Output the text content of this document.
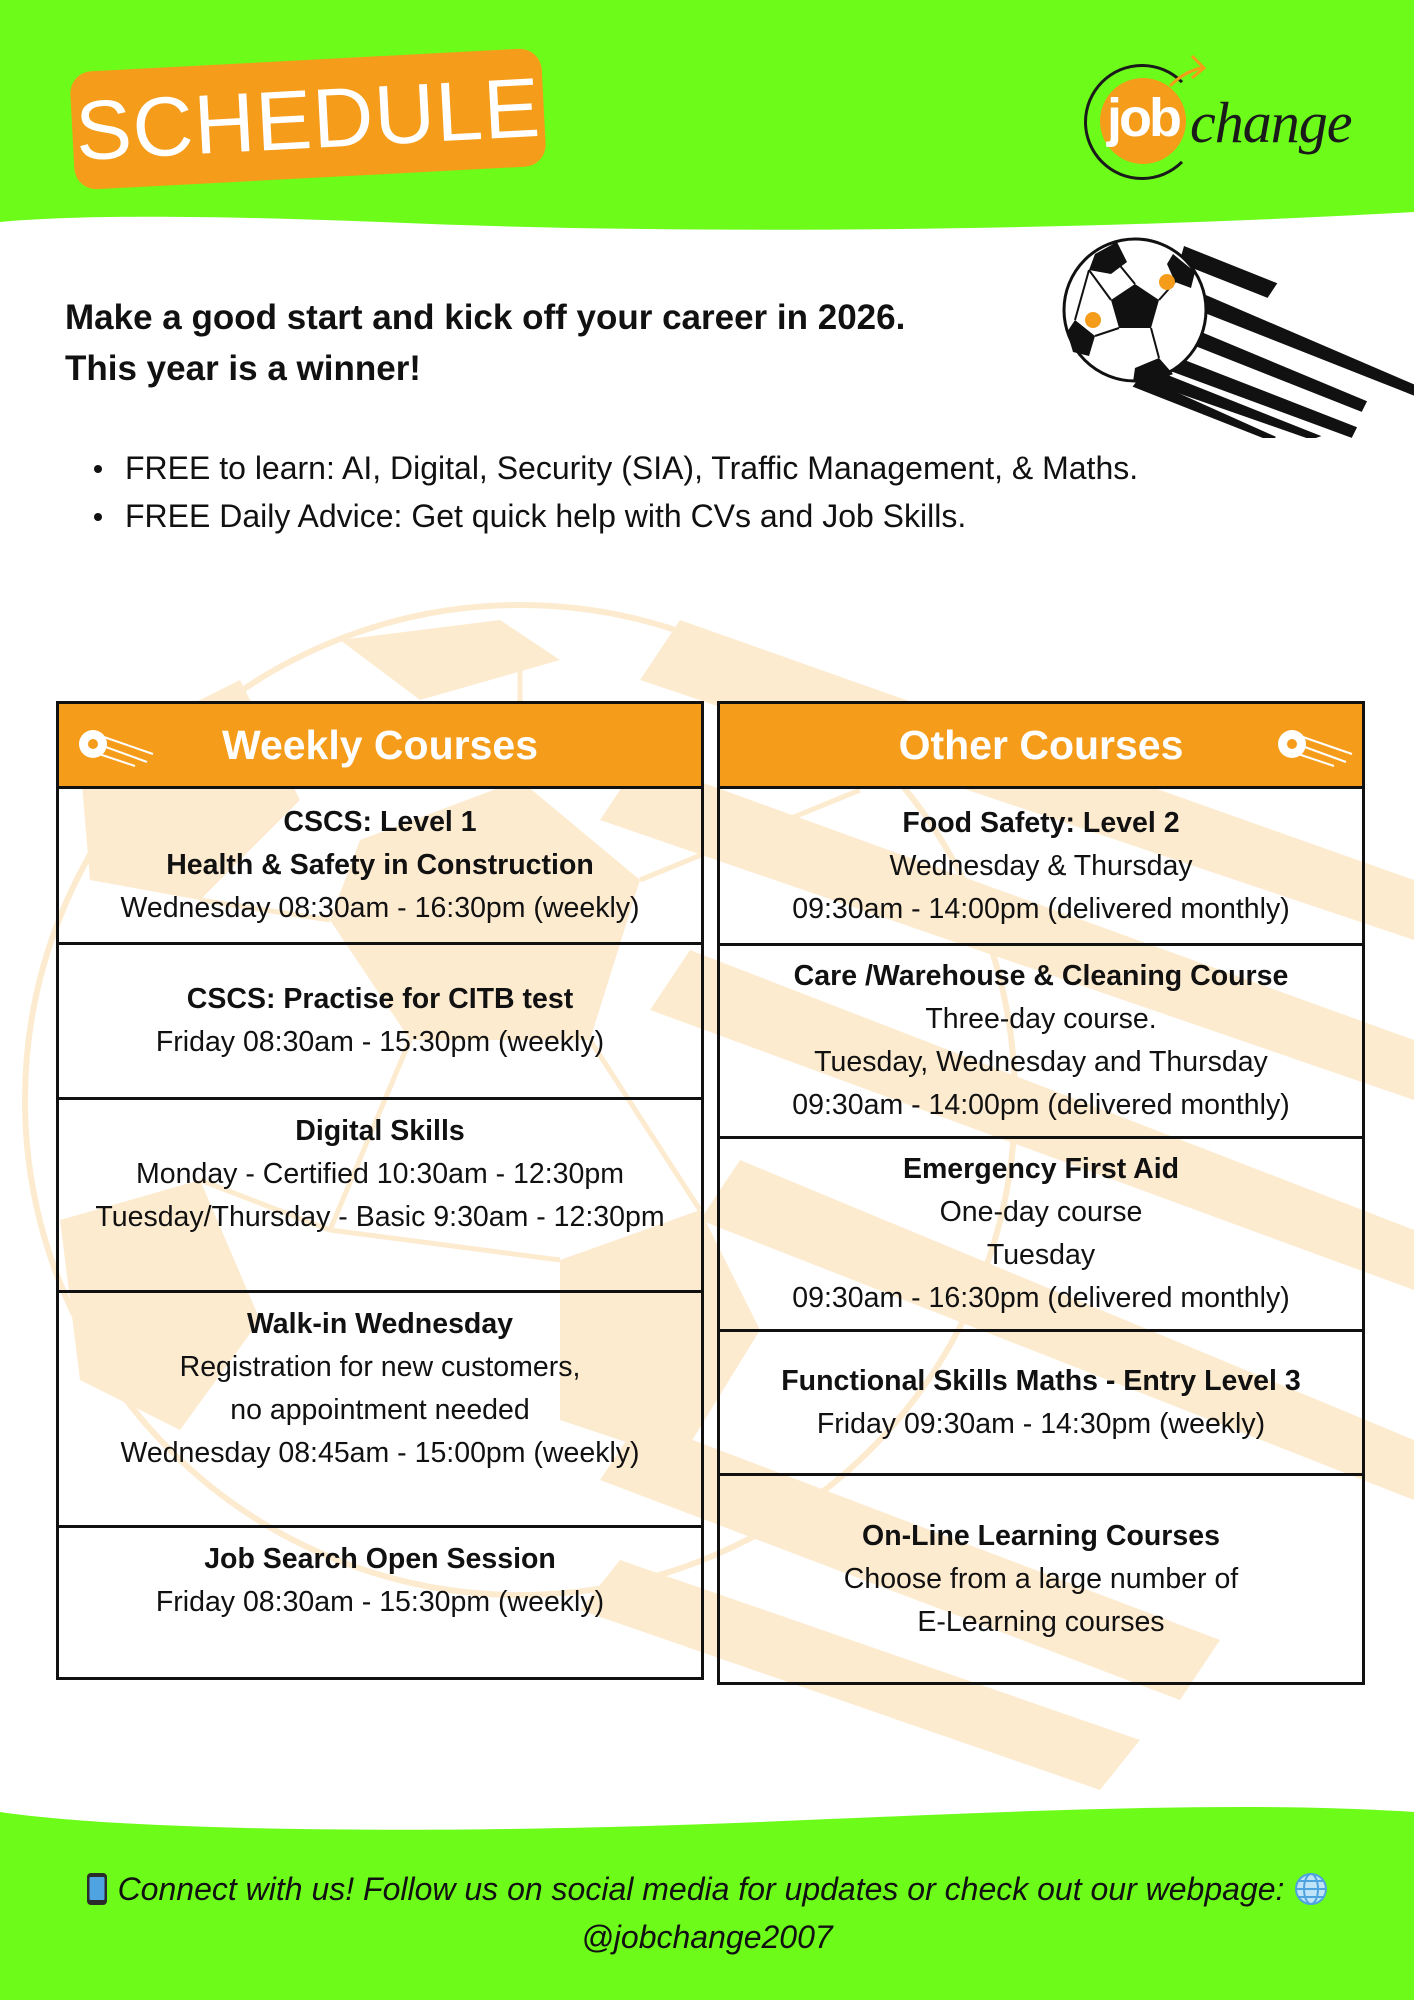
SCHEDULE	job change

Make a good start and kick off your career in 2026.

This year is a winner!

FREE to learn: AI, Digital, Security (SIA), Traffic Management, & Maths.
FREE Daily Advice: Get quick help with CVs and Job Skills.
Weekly Courses
CSCS: Level 1
Health & Safety in Construction
Wednesday 08:30am - 16:30pm (weekly)
CSCS: Practise for CITB test
Friday 08:30am - 15:30pm (weekly)
Digital Skills
Monday - Certified 10:30am - 12:30pm
Tuesday/Thursday - Basic 9:30am - 12:30pm
Walk-in Wednesday
Registration for new customers,
no appointment needed
Wednesday 08:45am - 15:00pm (weekly)
Job Search Open Session
Friday 08:30am - 15:30pm (weekly)
Other Courses
Food Safety: Level 2
Wednesday & Thursday
09:30am - 14:00pm (delivered monthly)
Care /Warehouse & Cleaning Course
Three-day course.
Tuesday, Wednesday and Thursday
09:30am - 14:00pm (delivered monthly)
Emergency First Aid
One-day course
Tuesday
09:30am - 16:30pm (delivered monthly)
Functional Skills Maths - Entry Level 3
Friday 09:30am - 14:30pm (weekly)
On-Line Learning Courses
Choose from a large number of
E-Learning courses
Connect with us! Follow us on social media for updates or check out our webpage:
@jobchange2007
